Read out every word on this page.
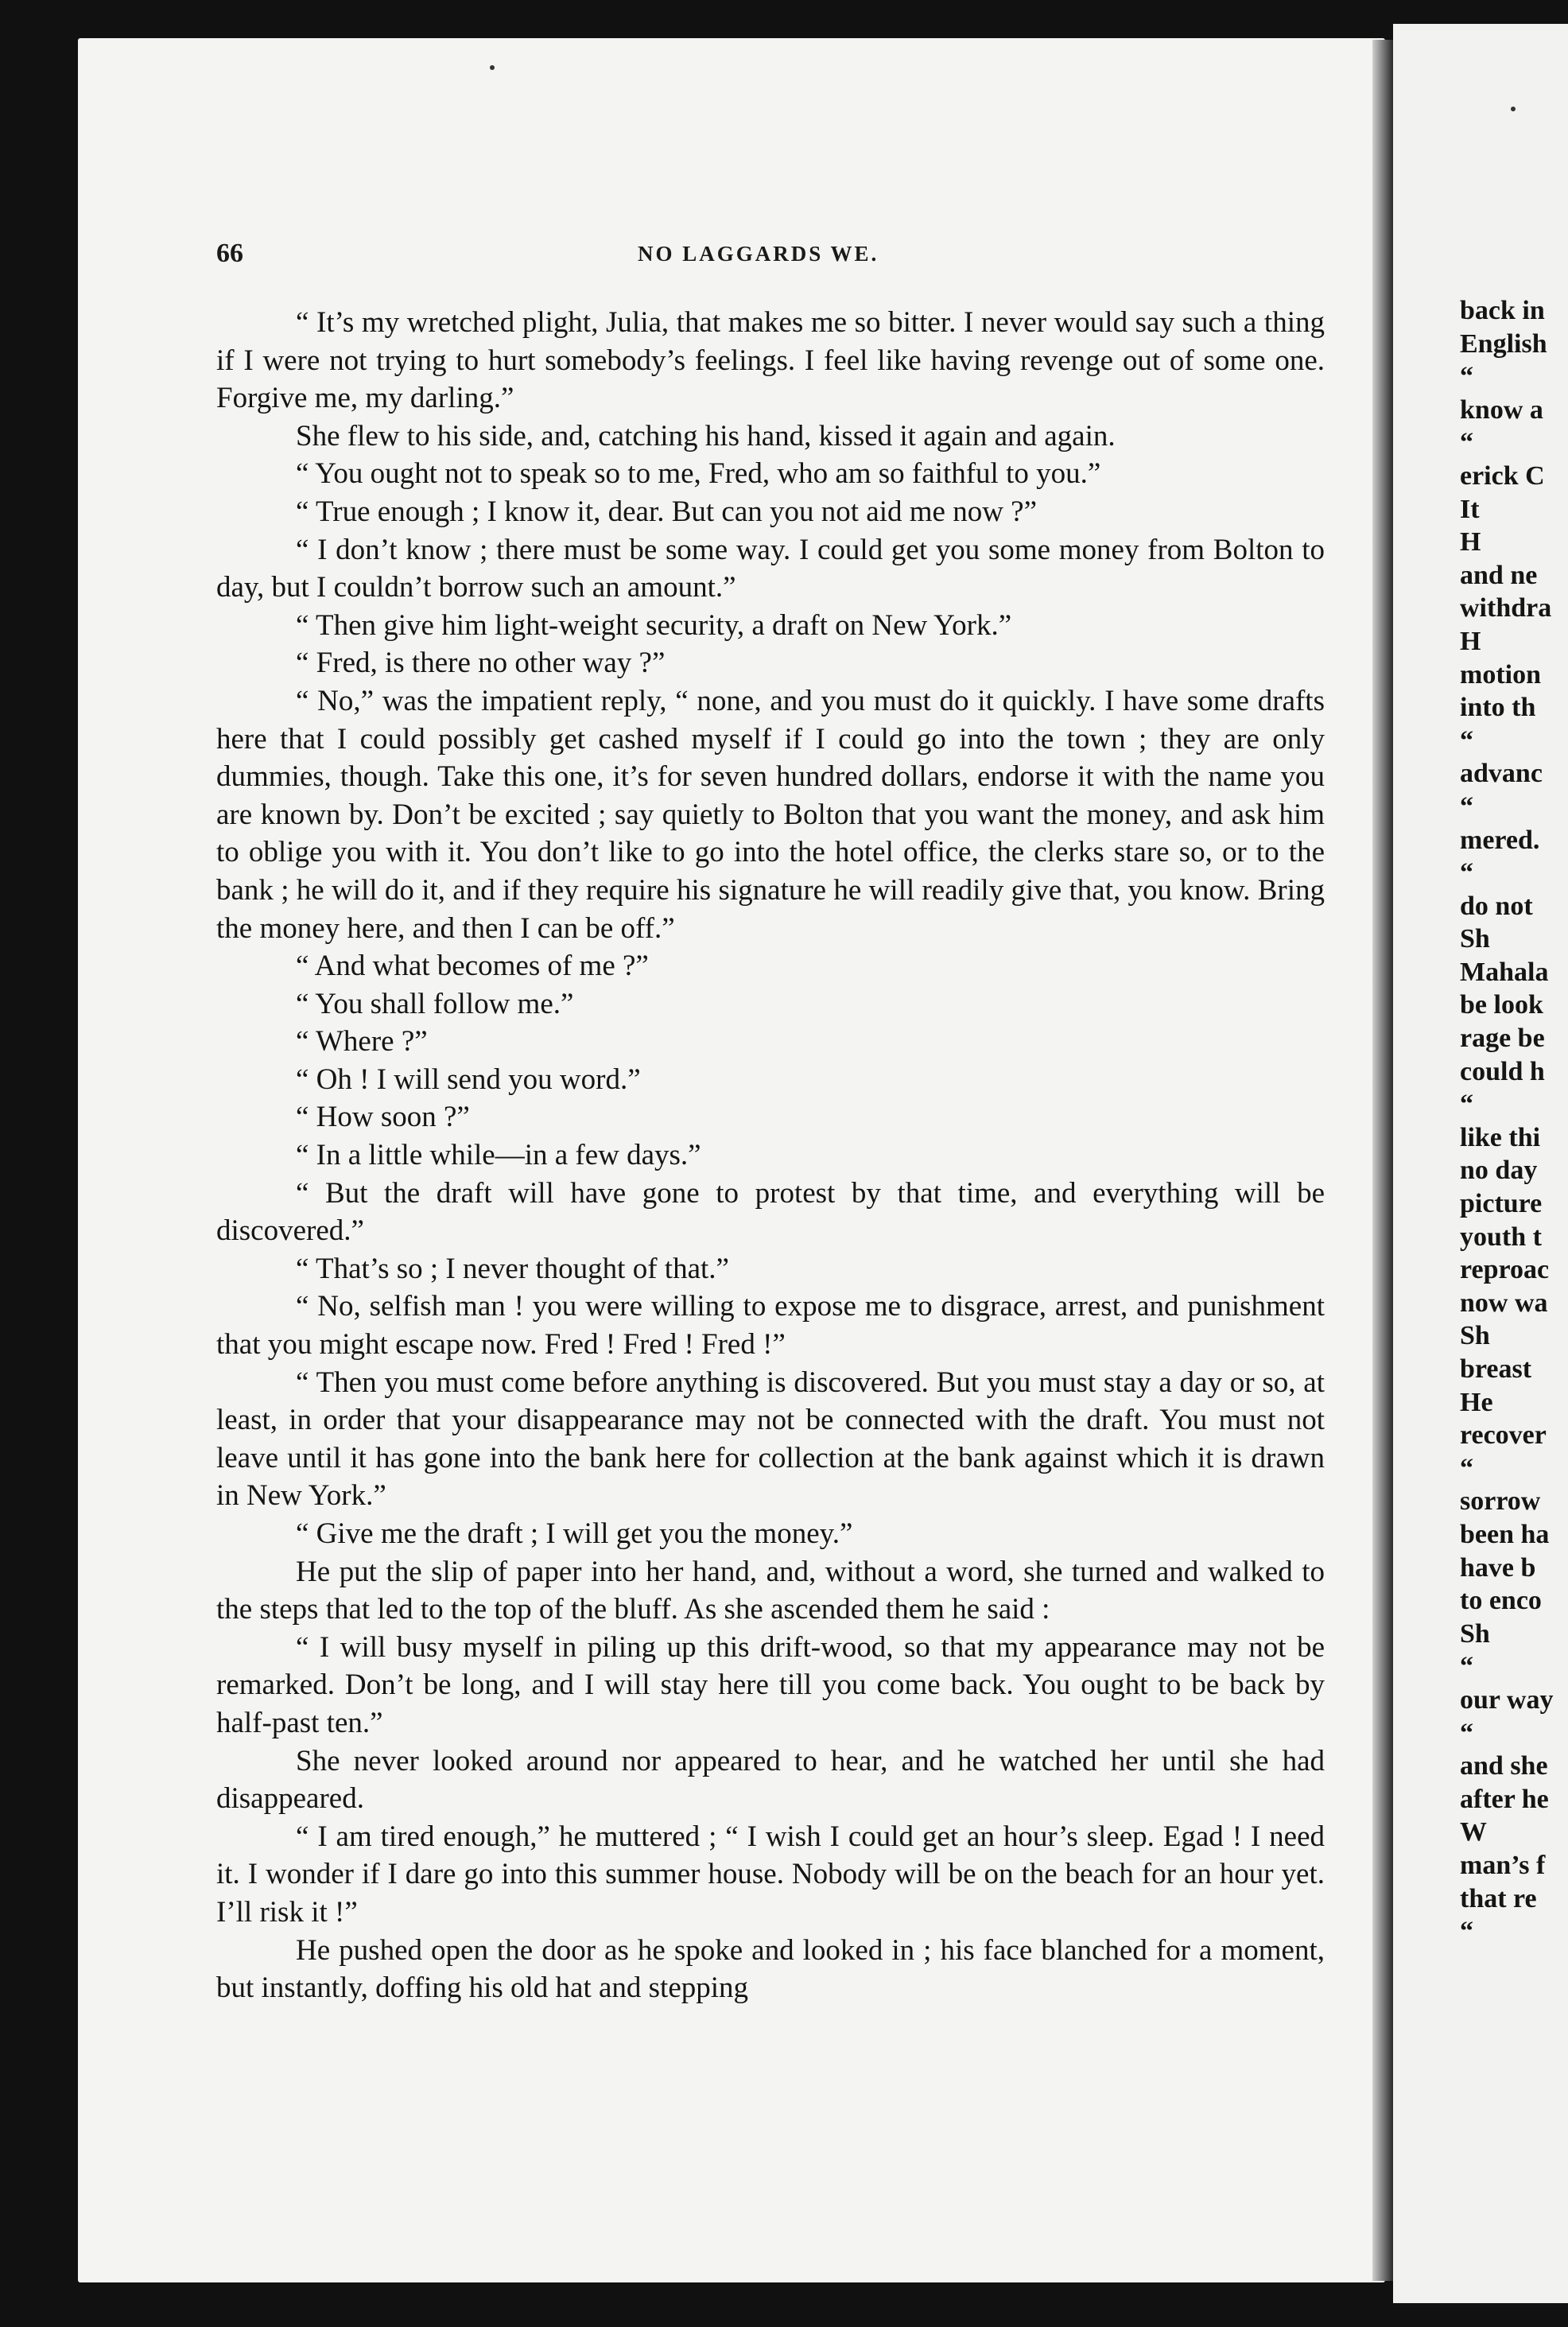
66	NO LAGGARDS WE.

“ It’s my wretched plight, Julia, that makes me so bitter. I never would say such a thing if I were not trying to hurt somebody’s feelings. I feel like having revenge out of some one. Forgive me, my darling.”

She flew to his side, and, catching his hand, kissed it again and again.

“ You ought not to speak so to me, Fred, who am so faithful to you.”

“ True enough ; I know it, dear. But can you not aid me now ?”

“ I don’t know ; there must be some way. I could get you some money from Bolton to day, but I couldn’t borrow such an amount.”

“ Then give him light-weight security, a draft on New York.”

“ Fred, is there no other way ?”

“ No,” was the impatient reply, “ none, and you must do it quickly. I have some drafts here that I could possibly get cashed myself if I could go into the town ; they are only dummies, though. Take this one, it’s for seven hundred dollars, endorse it with the name you are known by. Don’t be excited ; say quietly to Bolton that you want the money, and ask him to oblige you with it. You don’t like to go into the hotel office, the clerks stare so, or to the bank ; he will do it, and if they require his signature he will readily give that, you know. Bring the money here, and then I can be off.”

“ And what becomes of me ?”

“ You shall follow me.”

“ Where ?”

“ Oh ! I will send you word.”

“ How soon ?”

“ In a little while—in a few days.”

“ But the draft will have gone to protest by that time, and everything will be discovered.”

“ That’s so ; I never thought of that.”

“ No, selfish man ! you were willing to expose me to disgrace, arrest, and punishment that you might escape now. Fred ! Fred ! Fred !”

“ Then you must come before anything is discovered. But you must stay a day or so, at least, in order that your disappearance may not be connected with the draft. You must not leave until it has gone into the bank here for collection at the bank against which it is drawn in New York.”

“ Give me the draft ; I will get you the money.”

He put the slip of paper into her hand, and, without a word, she turned and walked to the steps that led to the top of the bluff. As she ascended them he said :

“ I will busy myself in piling up this drift-wood, so that my appearance may not be remarked. Don’t be long, and I will stay here till you come back. You ought to be back by half-past ten.”

She never looked around nor appeared to hear, and he watched her until she had disappeared.

“ I am tired enough,” he muttered ; “ I wish I could get an hour’s sleep. Egad ! I need it. I wonder if I dare go into this summer house. Nobody will be on the beach for an hour yet. I’ll risk it !”

He pushed open the door as he spoke and looked in ; his face blanched for a moment, but instantly, doffing his old hat and stepping

back in
English
“
know a
“
erick C
It
H
and ne
withdra
H
motion
into th
“
advanc
“
mered.
“
do not
Sh
Mahala
be look
rage be
could h
“
like thi
no day
picture
youth t
reproac
now wa
Sh
breast
He
recover
“
sorrow
been ha
have b
to enco
Sh
“
our way
“
and she
after he
W
man’s f
that re
“
